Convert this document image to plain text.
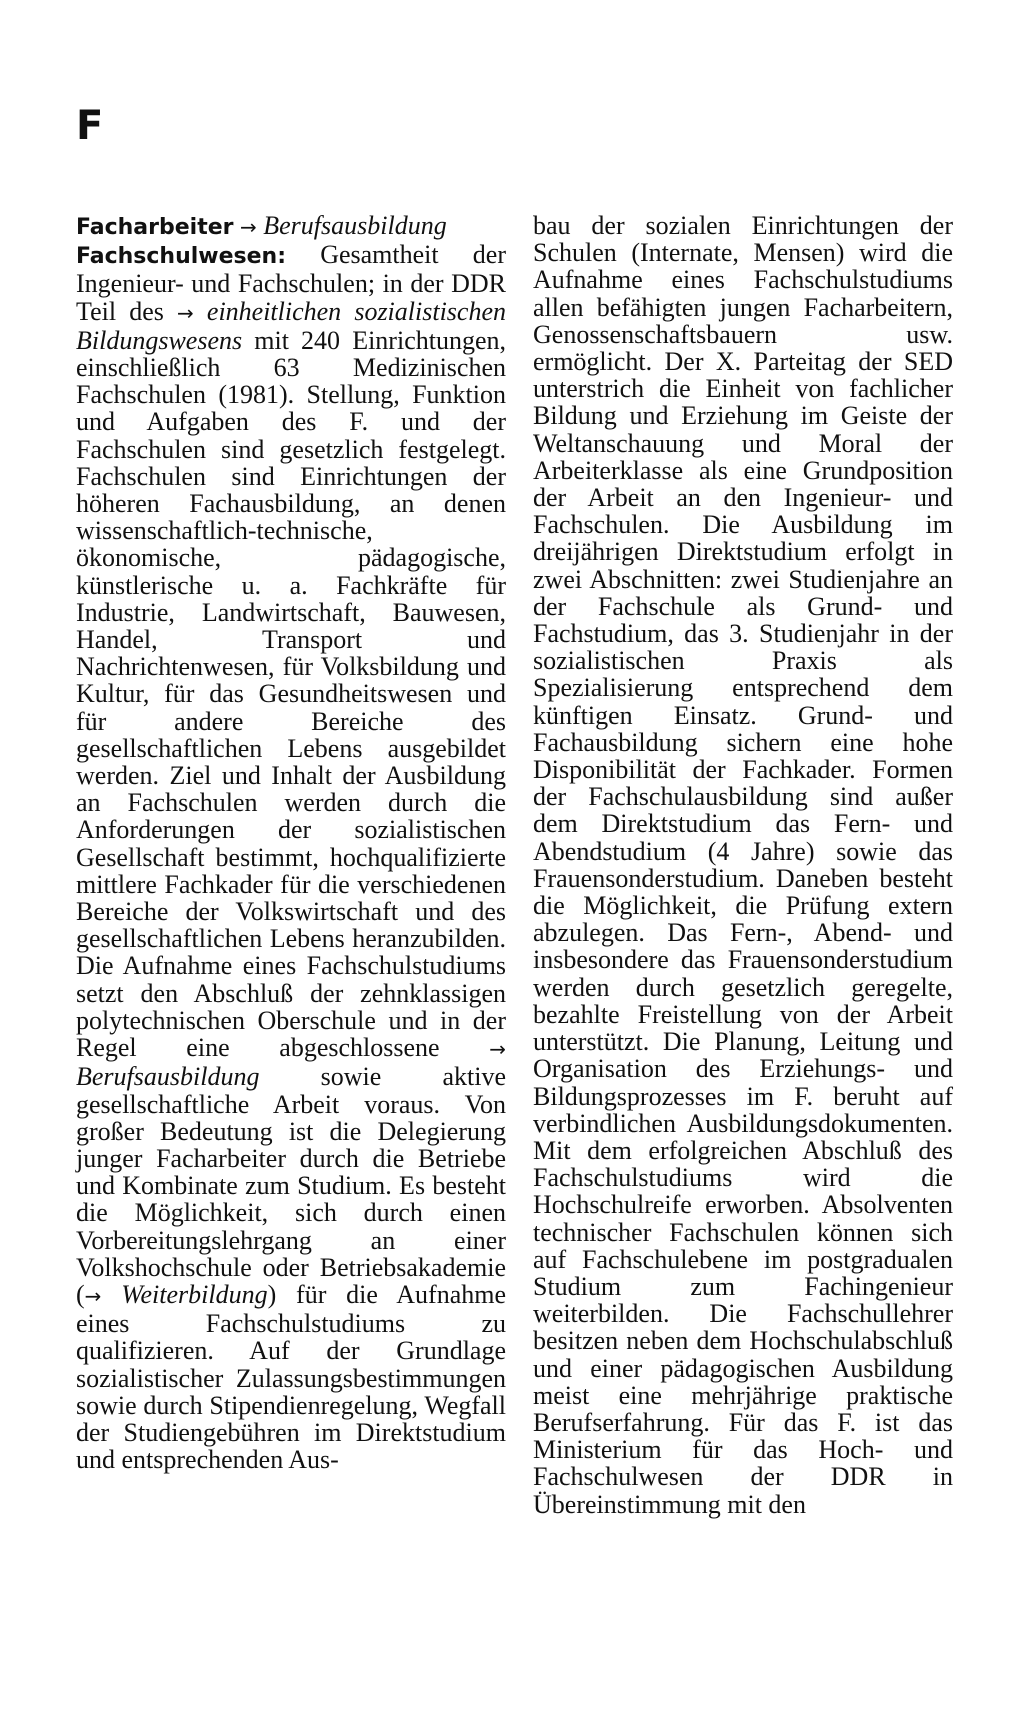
F

Facharbeiter → Berufsausbildung

Fachschulwesen: Gesamtheit der Ingenieur- und Fachschulen; in der DDR Teil des → einheitlichen sozialistischen Bildungswesens mit 240 Einrichtungen, einschließlich 63 Medizinischen Fachschulen (1981). Stellung, Funktion und Aufgaben des F. und der Fachschulen sind gesetzlich festgelegt. Fachschulen sind Einrichtungen der höheren Fachausbildung, an denen wissenschaftlich-technische, ökonomische, pädagogische, künstlerische u. a. Fachkräfte für Industrie, Landwirtschaft, Bauwesen, Handel, Transport und Nachrichtenwesen, für Volksbildung und Kultur, für das Gesundheitswesen und für andere Bereiche des gesellschaftlichen Lebens ausgebildet werden. Ziel und Inhalt der Ausbildung an Fachschulen werden durch die Anforderungen der sozialistischen Gesellschaft bestimmt, hochqualifizierte mittlere Fachkader für die verschiedenen Bereiche der Volkswirtschaft und des gesellschaftlichen Lebens heranzubilden. Die Aufnahme eines Fachschulstudiums setzt den Abschluß der zehnklassigen polytechnischen Oberschule und in der Regel eine abgeschlossene → Berufsausbildung sowie aktive gesellschaftliche Arbeit voraus. Von großer Bedeutung ist die Delegierung junger Facharbeiter durch die Betriebe und Kombinate zum Studium. Es besteht die Möglichkeit, sich durch einen Vorbereitungslehrgang an einer Volkshochschule oder Betriebsakademie (→ Weiterbildung) für die Aufnahme eines Fachschulstudiums zu qualifizieren. Auf der Grundlage sozialistischer Zulassungsbestimmungen sowie durch Stipendienregelung, Wegfall der Studiengebühren im Direktstudium und entsprechenden Aus-

bau der sozialen Einrichtungen der Schulen (Internate, Mensen) wird die Aufnahme eines Fachschulstudiums allen befähigten jungen Facharbeitern, Genossenschaftsbauern usw. ermöglicht. Der X. Parteitag der SED unterstrich die Einheit von fachlicher Bildung und Erziehung im Geiste der Weltanschauung und Moral der Arbeiterklasse als eine Grundposition der Arbeit an den Ingenieur- und Fachschulen. Die Ausbildung im dreijährigen Direktstudium erfolgt in zwei Abschnitten: zwei Studienjahre an der Fachschule als Grund- und Fachstudium, das 3. Studienjahr in der sozialistischen Praxis als Spezialisierung entsprechend dem künftigen Einsatz. Grund- und Fachausbildung sichern eine hohe Disponibilität der Fachkader. Formen der Fachschulausbildung sind außer dem Direktstudium das Fern- und Abendstudium (4 Jahre) sowie das Frauensonderstudium. Daneben besteht die Möglichkeit, die Prüfung extern abzulegen. Das Fern-, Abend- und insbesondere das Frauensonderstudium werden durch gesetzlich geregelte, bezahlte Freistellung von der Arbeit unterstützt. Die Planung, Leitung und Organisation des Erziehungs- und Bildungsprozesses im F. beruht auf verbindlichen Ausbildungsdokumenten. Mit dem erfolgreichen Abschluß des Fachschulstudiums wird die Hochschulreife erworben. Absolventen technischer Fachschulen können sich auf Fachschulebene im postgradualen Studium zum Fachingenieur weiterbilden. Die Fachschullehrer besitzen neben dem Hochschulabschluß und einer pädagogischen Ausbildung meist eine mehrjährige praktische Berufserfahrung. Für das F. ist das Ministerium für das Hoch- und Fachschulwesen der DDR in Übereinstimmung mit den
